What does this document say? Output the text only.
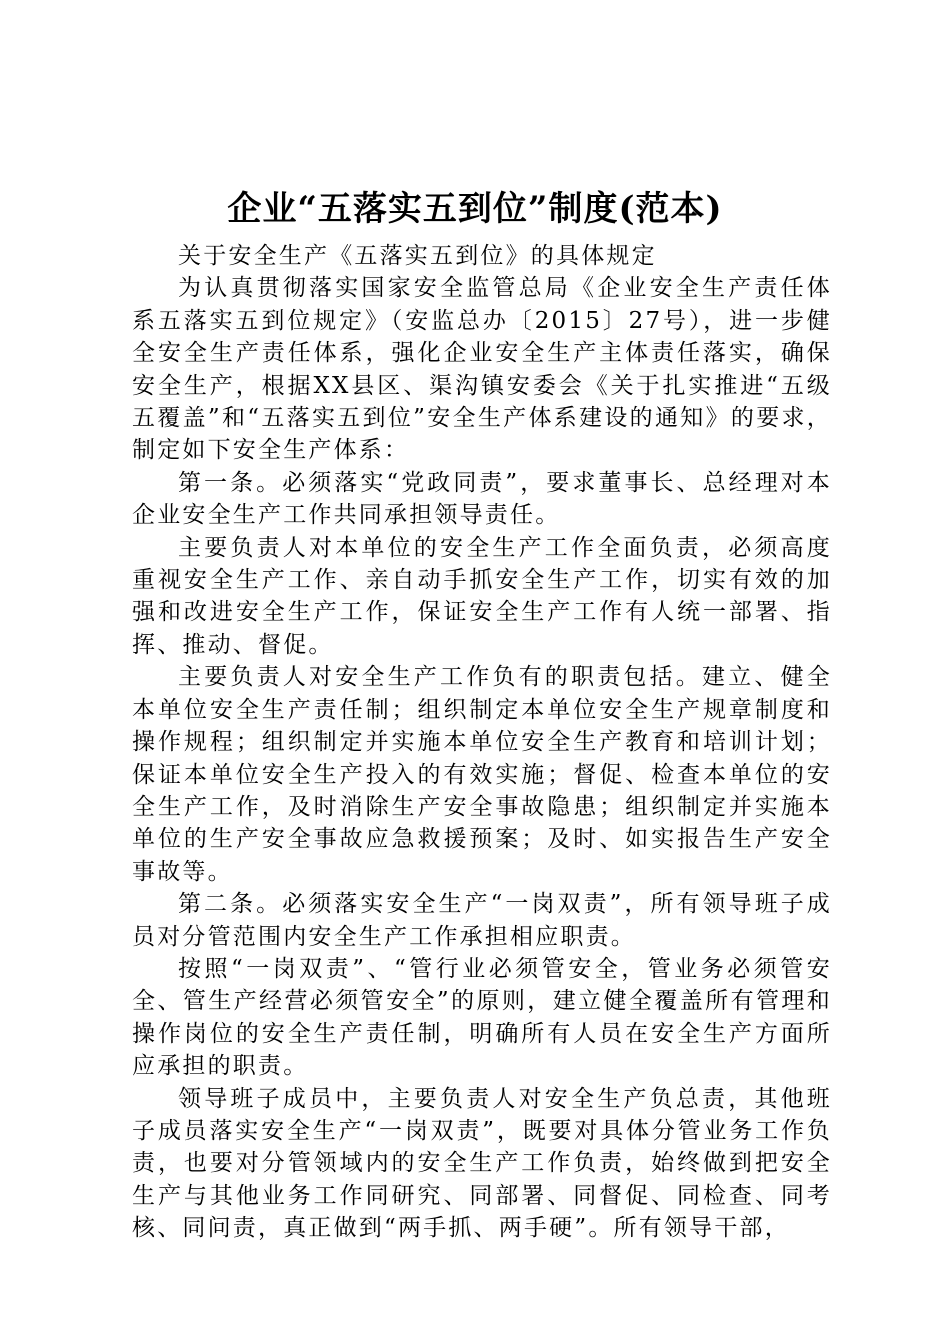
企业“五落实五到位”制度(范本)

关于安全生产《五落实五到位》的具体规定

为认真贯彻落实国家安全监管总局《企业安全生产责任体系五落实五到位规定》（安监总办〔2015〕27号），进一步健全安全生产责任体系，强化企业安全生产主体责任落实，确保安全生产，根据XX县区、渠沟镇安委会《关于扎实推进“五级五覆盖”和“五落实五到位”安全生产体系建设的通知》的要求，制定如下安全生产体系：

第一条。必须落实“党政同责”，要求董事长、总经理对本企业安全生产工作共同承担领导责任。

主要负责人对本单位的安全生产工作全面负责，必须高度重视安全生产工作、亲自动手抓安全生产工作，切实有效的加强和改进安全生产工作，保证安全生产工作有人统一部署、指挥、推动、督促。

主要负责人对安全生产工作负有的职责包括。建立、健全本单位安全生产责任制；组织制定本单位安全生产规章制度和操作规程；组织制定并实施本单位安全生产教育和培训计划；保证本单位安全生产投入的有效实施；督促、检查本单位的安全生产工作，及时消除生产安全事故隐患；组织制定并实施本单位的生产安全事故应急救援预案；及时、如实报告生产安全事故等。

第二条。必须落实安全生产“一岗双责”，所有领导班子成员对分管范围内安全生产工作承担相应职责。

按照“一岗双责”、“管行业必须管安全，管业务必须管安全、管生产经营必须管安全”的原则，建立健全覆盖所有管理和操作岗位的安全生产责任制，明确所有人员在安全生产方面所应承担的职责。

领导班子成员中，主要负责人对安全生产负总责，其他班子成员落实安全生产“一岗双责”，既要对具体分管业务工作负责，也要对分管领域内的安全生产工作负责，始终做到把安全生产与其他业务工作同研究、同部署、同督促、同检查、同考核、同问责，真正做到“两手抓、两手硬”。所有领导干部，
